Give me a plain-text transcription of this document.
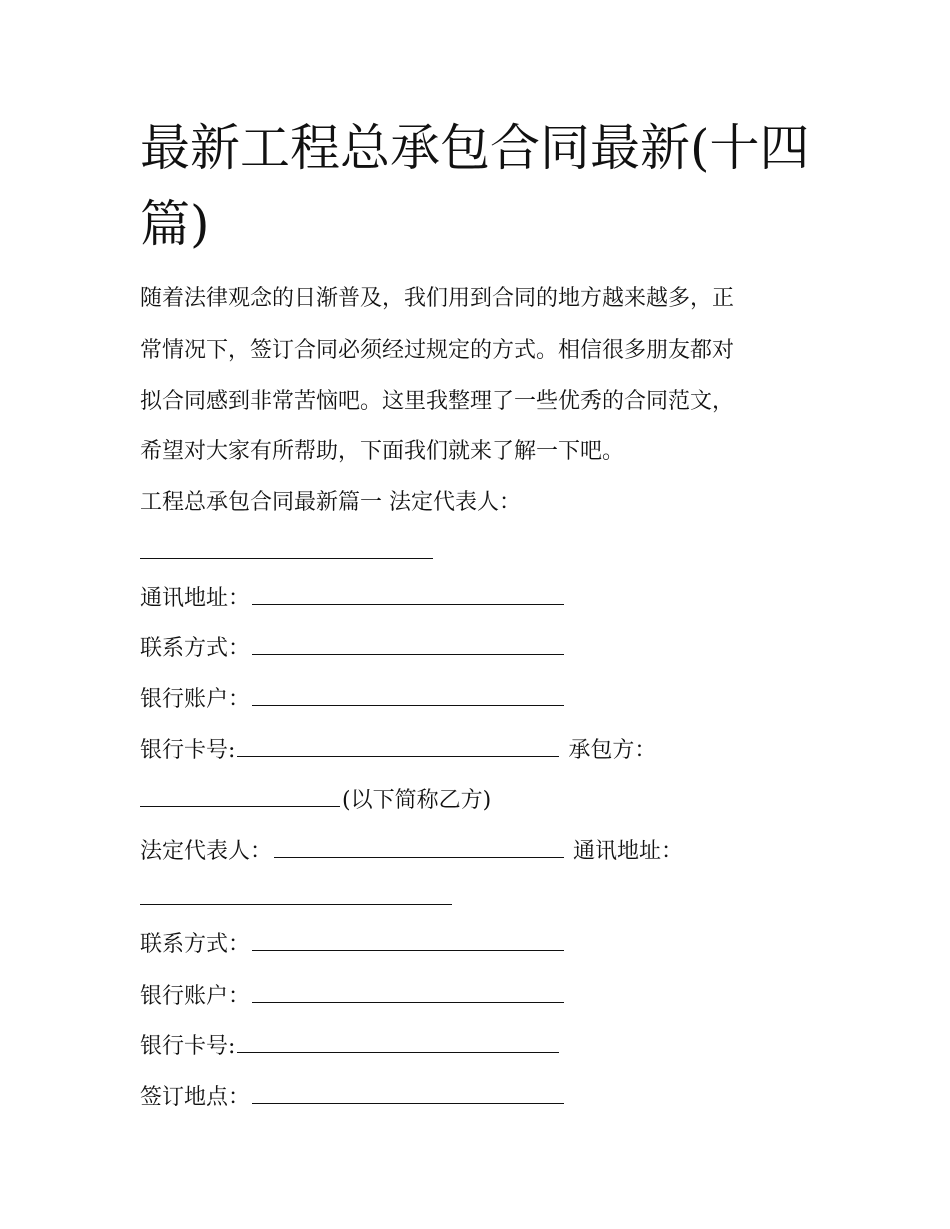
最新工程总承包合同最新(十四篇)
随着法律观念的日渐普及，我们用到合同的地方越来越多，正
常情况下，签订合同必须经过规定的方式。相信很多朋友都对
拟合同感到非常苦恼吧。这里我整理了一些优秀的合同范文，
希望对大家有所帮助，下面我们就来了解一下吧。
工程总承包合同最新篇一 法定代表人：
通讯地址：
联系方式：
银行账户：
银行卡号:	承包方：
(以下简称乙方)
法定代表人：	通讯地址：
联系方式：
银行账户：
银行卡号:
签订地点：
